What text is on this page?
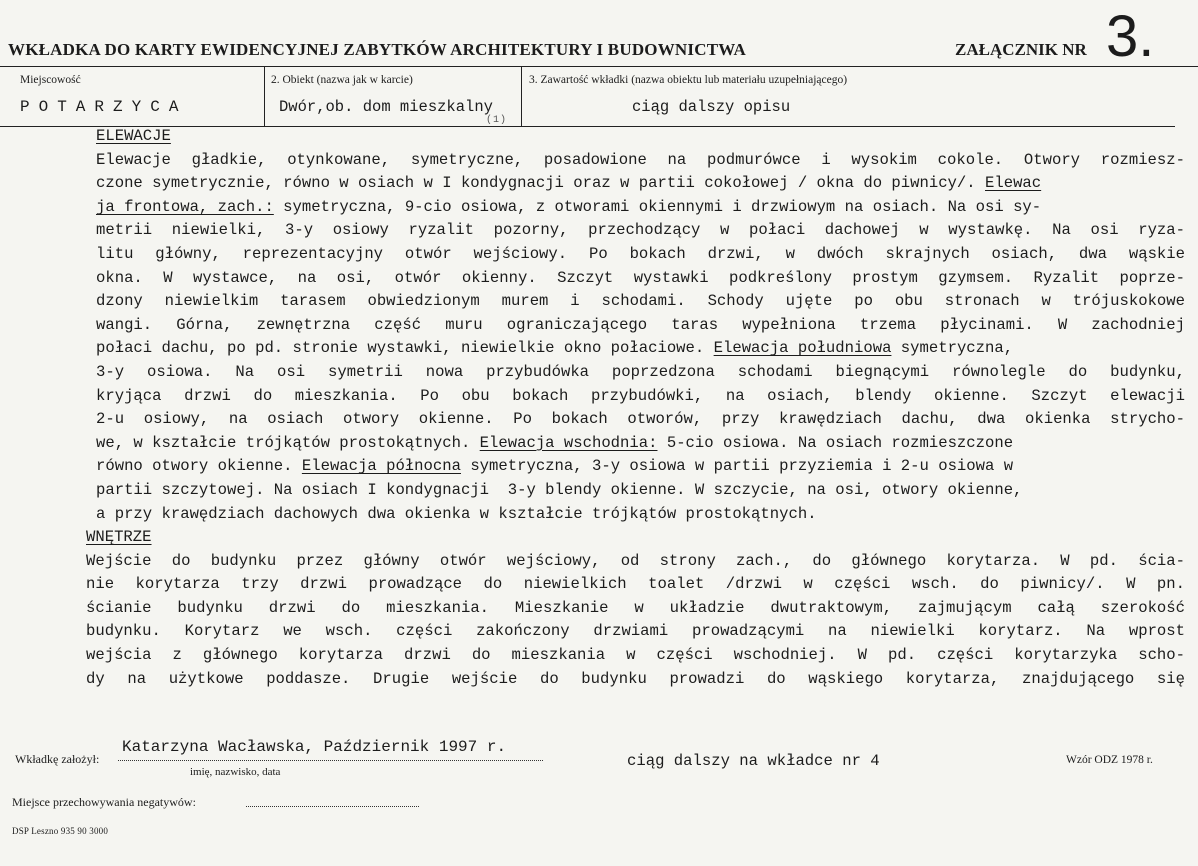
WKŁADKA DO KARTY EWIDENCYJNEJ ZABYTKÓW ARCHITEKTURY I BUDOWNICTWA	ZAŁĄCZNIK NR 3.
Miejscowość	2. Obiekt (nazwa jak w karcie)	3. Zawartość wkładki (nazwa obiektu lub materiału uzupełniającego)
POTARZYCA	Dwór,ob. dom mieszkalny	ciąg dalszy opisu
(1)
ELEWACJE
Elewacje gładkie, otynkowane, symetryczne, posadowione na podmurówce i wysokim cokole. Otwory rozmiesz-
czone symetrycznie, równo w osiach w I kondygnacji oraz w partii cokołowej / okna do piwnicy/. Elewac
ja frontowa, zach.: symetryczna, 9-cio osiowa, z otworami okiennymi i drzwiowym na osiach. Na osi sy-
metrii niewielki, 3-y osiowy ryzalit pozorny, przechodzący w połaci dachowej w wystawkę. Na osi ryza-
litu główny, reprezentacyjny otwór wejściowy. Po bokach drzwi, w dwóch skrajnych osiach, dwa wąskie
okna. W wystawce, na osi, otwór okienny. Szczyt wystawki podkreślony prostym gzymsem. Ryzalit poprze-
dzony niewielkim tarasem obwiedzionym murem i schodami. Schody ujęte po obu stronach w trójuskokowe
wangi. Górna, zewnętrzna część muru ograniczającego taras wypełniona trzema płycinami. W zachodniej
połaci dachu, po pd. stronie wystawki, niewielkie okno połaciowe. Elewacja południowa symetryczna,
3-y osiowa. Na osi symetrii nowa przybudówka poprzedzona schodami biegnącymi równolegle do budynku,
kryjąca drzwi do mieszkania. Po obu bokach przybudówki, na osiach, blendy okienne. Szczyt elewacji
2-u osiowy, na osiach otwory okienne. Po bokach otworów, przy krawędziach dachu, dwa okienka strycho-
we, w kształcie trójkątów prostokątnych. Elewacja wschodnia: 5-cio osiowa. Na osiach rozmieszczone
równo otwory okienne. Elewacja północna symetryczna, 3-y osiowa w partii przyziemia i 2-u osiowa w
partii szczytowej. Na osiach I kondygnacji  3-y blendy okienne. W szczycie, na osi, otwory okienne,
a przy krawędziach dachowych dwa okienka w kształcie trójkątów prostokątnych.
WNĘTRZE
Wejście do budynku przez główny otwór wejściowy, od strony zach., do głównego korytarza. W pd. ścia-
nie korytarza trzy drzwi prowadzące do niewielkich toalet /drzwi w części wsch. do piwnicy/. W pn.
ścianie budynku drzwi do mieszkania. Mieszkanie w układzie dwutraktowym, zajmującym całą szerokość
budynku. Korytarz we wsch. części zakończony drzwiami prowadzącymi na niewielki korytarz. Na wprost
wejścia z głównego korytarza drzwi do mieszkania w części wschodniej. W pd. części korytarzyka scho-
dy na użytkowe poddasze. Drugie wejście do budynku prowadzi do wąskiego korytarza, znajdującego się
Wkładkę założył:
Katarzyna Wacławska, Październik 1997 r.
imię, nazwisko, data
ciąg dalszy na wkładce nr 4	Wzór ODZ 1978 r.
Miejsce przechowywania negatywów:
DSP Leszno 935 90 3000
